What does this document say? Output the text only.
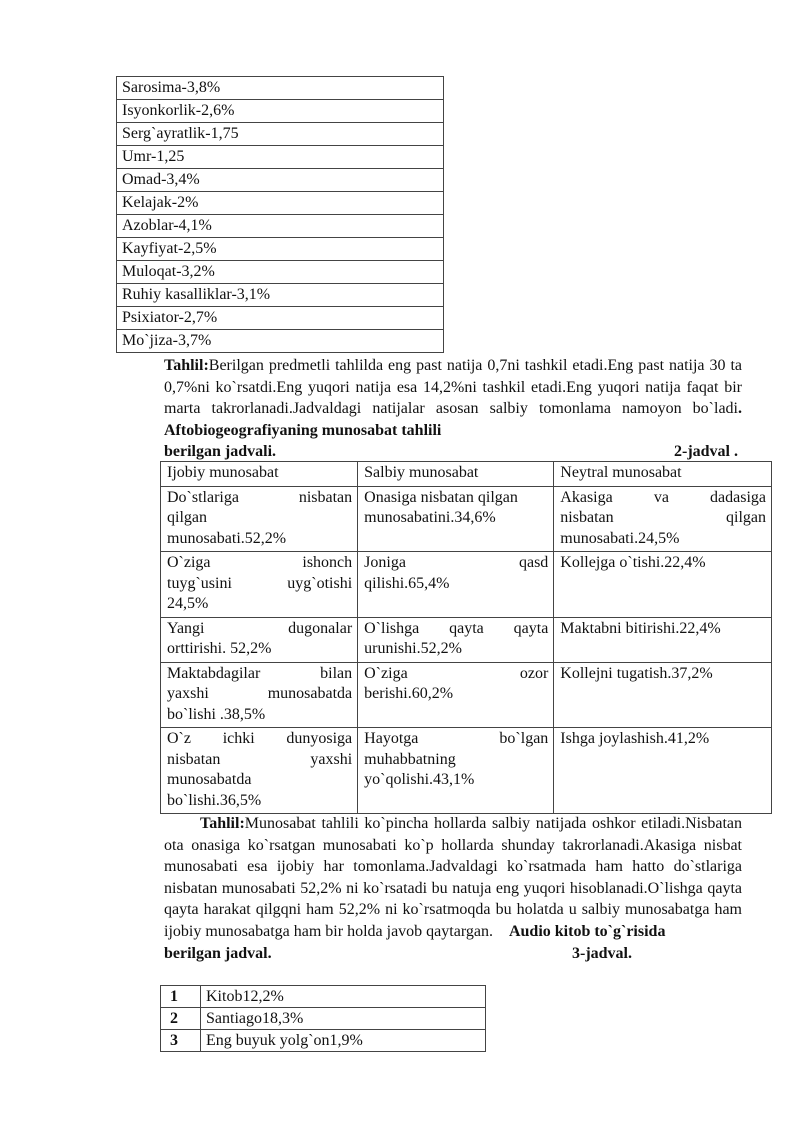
Sarosima-3,8%
Isyonkorlik-2,6%
Serg`ayratlik-1,75
Umr-1,25
Omad-3,4%
Kelajak-2%
Azoblar-4,1%
Kayfiyat-2,5%
Muloqat-3,2%
Ruhiy kasalliklar-3,1%
Psixiator-2,7%
Mo`jiza-3,7%
Tahlil:Berilgan predmetli tahlilda eng past natija 0,7ni tashkil etadi.Eng past natija 30 ta 0,7%ni ko`rsatdi.Eng yuqori natija esa 14,2%ni tashkil etadi.Eng yuqori natija faqat bir marta takrorlanadi.Jadvaldagi natijalar asosan salbiy tomonlama namoyon bo`ladi. Aftobiogeografiyaning munosabat tahlili
berilgan jadvali.	2-jadval .
Ijobiy munosabat	Salbiy munosabat	Neytral munosabat

Do`stlariga nisbatan
qilgan
munosabati.52,2%	Onasiga nisbatan qilgan
munosabatini.34,6%	Akasiga va dadasiga
nisbatan qilgan
munosabati.24,5%

O`ziga ishonch
tuyg`usini uyg`otishi
24,5%	Joniga qasd
qilishi.65,4%	Kollejga o`tishi.22,4%

Yangi dugonalar
orttirishi. 52,2%	O`lishga qayta qayta
urunishi.52,2%	Maktabni bitirishi.22,4%

Maktabdagilar bilan
yaxshi munosabatda
bo`lishi .38,5%	O`ziga ozor
berishi.60,2%	Kollejni tugatish.37,2%

O`z ichki dunyosiga
nisbatan yaxshi
munosabatda
bo`lishi.36,5%	Hayotga bo`lgan
muhabbatning
yo`qolishi.43,1%	Ishga joylashish.41,2%
Tahlil:Munosabat tahlili ko`pincha hollarda salbiy natijada oshkor etiladi.Nisbatan ota onasiga ko`rsatgan munosabati ko`p hollarda shunday takrorlanadi.Akasiga nisbat munosabati esa ijobiy har tomonlama.Jadvaldagi ko`rsatmada ham hatto do`stlariga nisbatan munosabati 52,2% ni ko`rsatadi bu natuja eng yuqori hisoblanadi.O`lishga qayta qayta harakat qilgqni ham 52,2% ni ko`rsatmoqda bu holatda u salbiy munosabatga ham ijobiy munosabatga ham bir holda javob qaytargan. Audio kitob to`g`risida
berilgan jadval.	3-jadval.
1	Kitob12,2%
2	Santiago18,3%
3	Eng buyuk yolg`on1,9%
